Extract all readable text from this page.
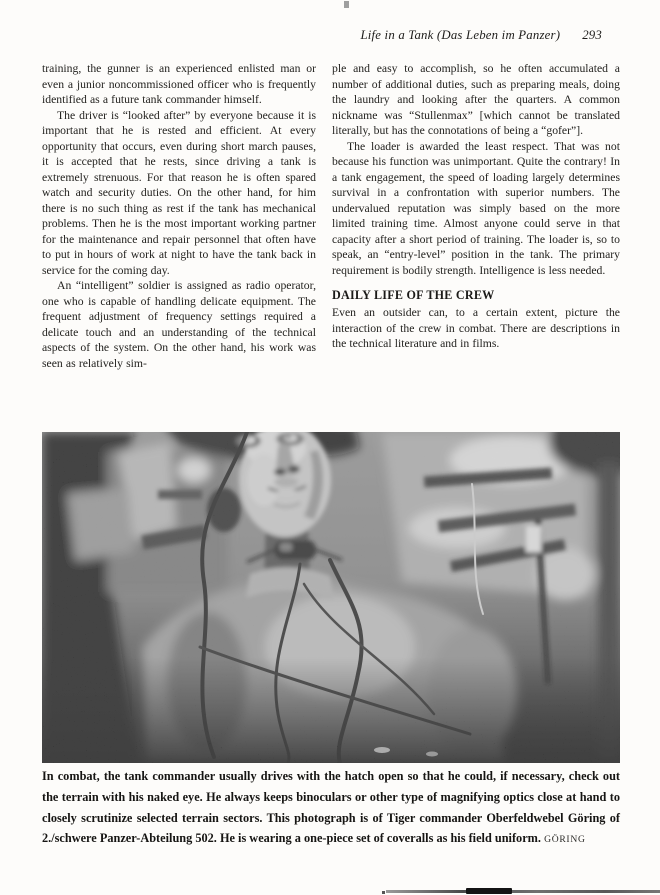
Life in a Tank (Das Leben im Panzer) 293

training, the gunner is an experienced enlisted man or even a junior noncommissioned officer who is frequently identified as a future tank commander himself.

The driver is “looked after” by everyone because it is important that he is rested and efficient. At every opportunity that occurs, even during short march pauses, it is accepted that he rests, since driving a tank is extremely strenuous. For that reason he is often spared watch and security duties. On the other hand, for him there is no such thing as rest if the tank has mechanical problems. Then he is the most important working partner for the maintenance and repair personnel that often have to put in hours of work at night to have the tank back in service for the coming day.

An “intelligent” soldier is assigned as radio operator, one who is capable of handling delicate equipment. The frequent adjustment of frequency settings required a delicate touch and an understanding of the technical aspects of the system. On the other hand, his work was seen as relatively sim-

ple and easy to accomplish, so he often accumulated a number of additional duties, such as preparing meals, doing the laundry and looking after the quarters. A common nickname was “Stullenmax” [which cannot be translated literally, but has the connotations of being a “gofer”].

The loader is awarded the least respect. That was not because his function was unimportant. Quite the contrary! In a tank engagement, the speed of loading largely determines survival in a confrontation with superior numbers. The undervalued reputation was simply based on the more limited training time. Almost anyone could serve in that capacity after a short period of training. The loader is, so to speak, an “entry-level” position in the tank. The primary requirement is bodily strength. Intelligence is less needed.

DAILY LIFE OF THE CREW

Even an outsider can, to a certain extent, picture the interaction of the crew in combat. There are descriptions in the technical literature and in films.

In combat, the tank commander usually drives with the hatch open so that he could, if necessary, check out the terrain with his naked eye. He always keeps binoculars or other type of magnifying optics close at hand to closely scrutinize selected terrain sectors. This photograph is of Tiger commander Oberfeldwebel Göring of 2./schwere Panzer-Abteilung 502. He is wearing a one-piece set of coveralls as his field uniform. GÖRING
